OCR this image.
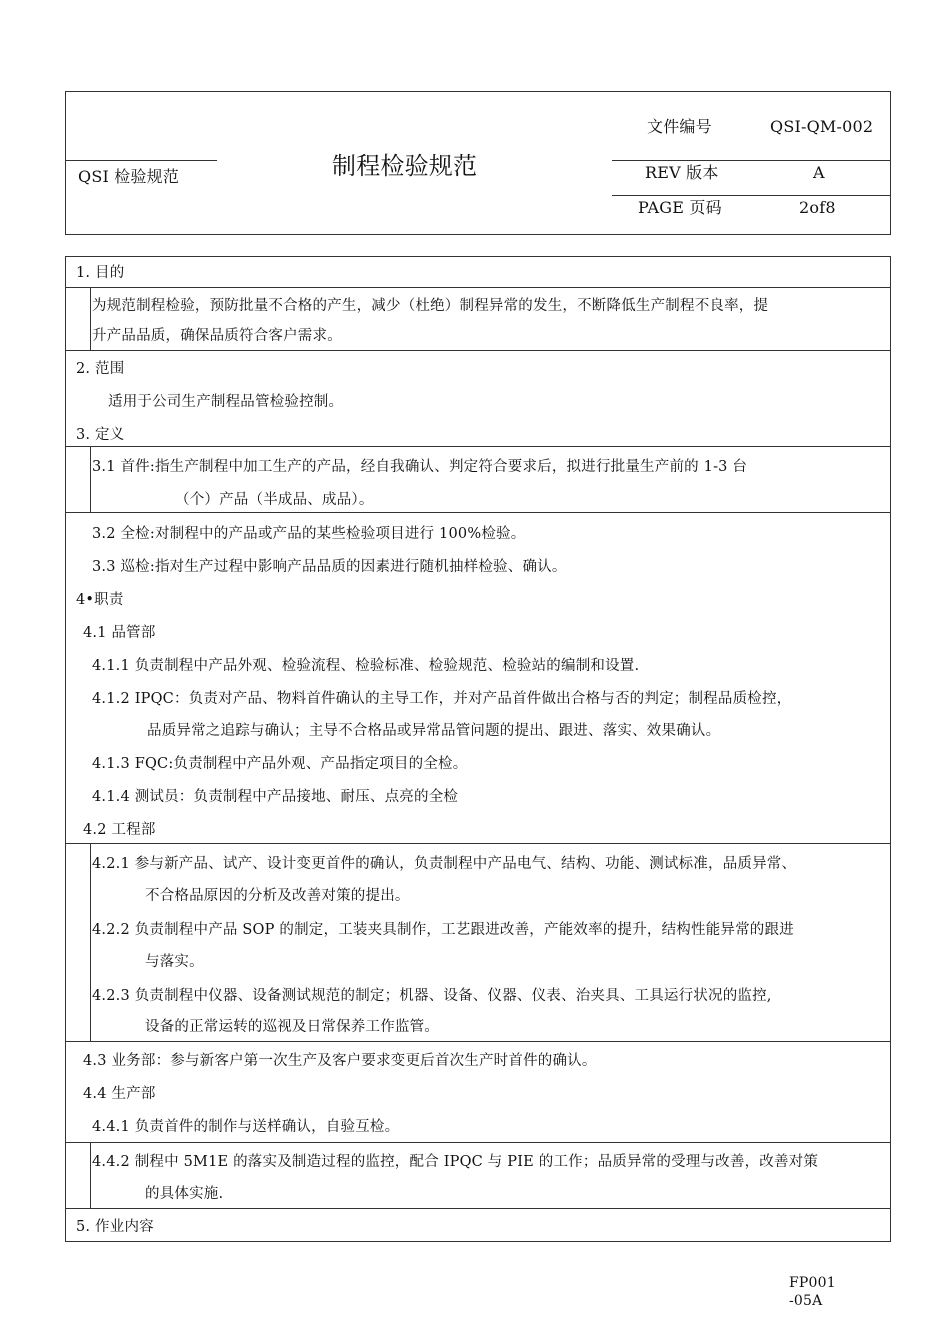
QSI 检验规范	制程检验规范
文件编号	QSI-QM-002
REV 版本	A
PAGE 页码	2of8
1. 目的
为规范制程检验，预防批量不合格的产生，减少（杜绝）制程异常的发生，不断降低生产制程不良率，提
升产品品质，确保品质符合客户需求。
2. 范围
适用于公司生产制程品管检验控制。
3. 定义
3.1 首件:指生产制程中加工生产的产品，经自我确认、判定符合要求后，拟进行批量生产前的 1-3 台
（个）产品（半成品、成品）。
3.2 全检:对制程中的产品或产品的某些检验项目进行 100%检验。
3.3 巡检:指对生产过程中影响产品品质的因素进行随机抽样检验、确认。
4•职责
4.1 品管部
4.1.1 负责制程中产品外观、检验流程、检验标准、检验规范、检验站的编制和设置.
4.1.2 IPQC：负责对产品、物料首件确认的主导工作，并对产品首件做出合格与否的判定；制程品质检控，
品质异常之追踪与确认；主导不合格品或异常品管问题的提出、跟进、落实、效果确认。
4.1.3 FQC:负责制程中产品外观、产品指定项目的全检。
4.1.4 测试员：负责制程中产品接地、耐压、点亮的全检
4.2 工程部
4.2.1 参与新产品、试产、设计变更首件的确认，负责制程中产品电气、结构、功能、测试标准，品质异常、
不合格品原因的分析及改善对策的提出。
4.2.2 负责制程中产品 SOP 的制定，工装夹具制作，工艺跟进改善，产能效率的提升，结构性能异常的跟进
与落实。
4.2.3 负责制程中仪器、设备测试规范的制定；机器、设备、仪器、仪表、治夹具、工具运行状况的监控,
设备的正常运转的巡视及日常保养工作监管。
4.3 业务部：参与新客户第一次生产及客户要求变更后首次生产时首件的确认。
4.4 生产部
4.4.1 负责首件的制作与送样确认，自验互检。
4.4.2 制程中 5M1E 的落实及制造过程的监控，配合 IPQC 与 PIE 的工作；品质异常的受理与改善，改善对策
的具体实施.
5. 作业内容
FP001-05A
